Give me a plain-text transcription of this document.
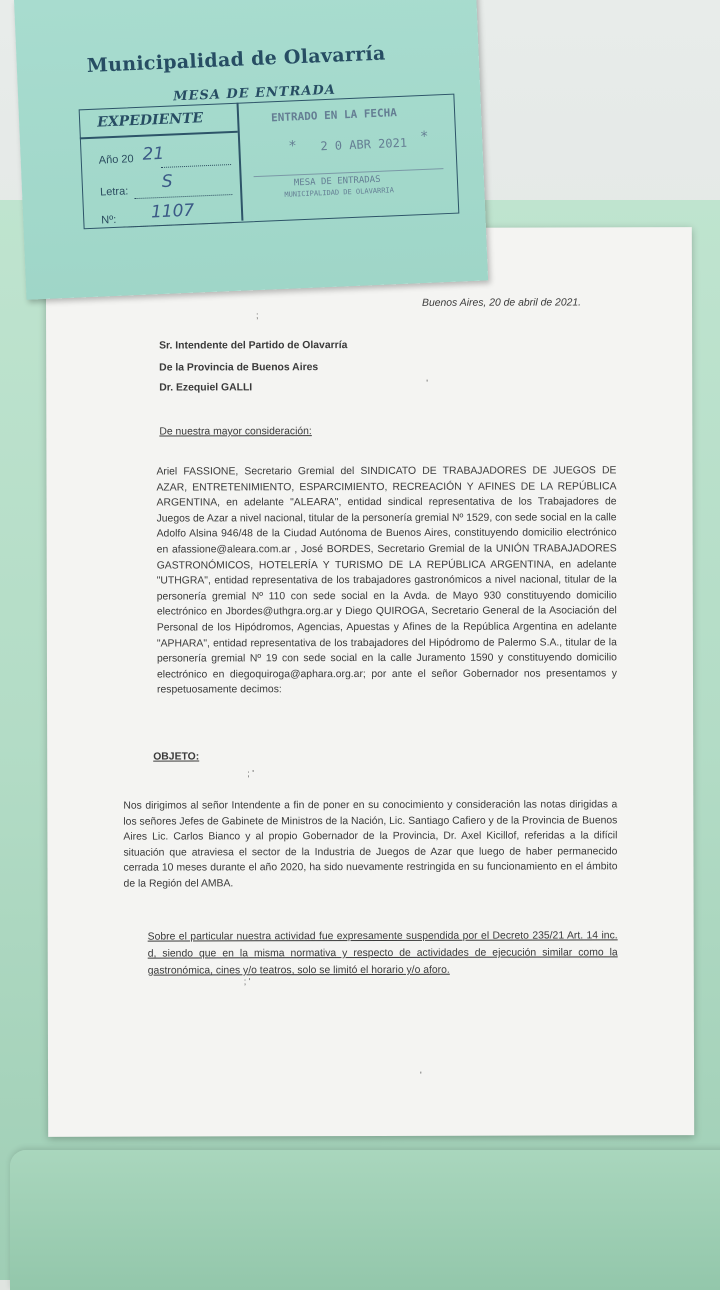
Buenos Aires, 20 de abril de 2021.
Sr. Intendente del Partido de Olavarría
De la Provincia de Buenos Aires
Dr. Ezequiel GALLI
De nuestra mayor consideración:
Ariel FASSIONE, Secretario Gremial del SINDICATO DE TRABAJADORES DE JUEGOS DE AZAR, ENTRETENIMIENTO, ESPARCIMIENTO, RECREACIÓN Y AFINES DE LA REPÚBLICA ARGENTINA, en adelante "ALEARA", entidad sindical representativa de los Trabajadores de Juegos de Azar a nivel nacional, titular de la personería gremial Nº 1529, con sede social en la calle Adolfo Alsina 946/48 de la Ciudad Autónoma de Buenos Aires, constituyendo domicilio electrónico en afassione@aleara.com.ar , José BORDES, Secretario Gremial de la UNIÓN TRABAJADORES GASTRONÓMICOS, HOTELERÍA Y TURISMO DE LA REPÚBLICA ARGENTINA, en adelante "UTHGRA", entidad representativa de los trabajadores gastronómicos a nivel nacional, titular de la personería gremial Nº 110 con sede social en la Avda. de Mayo 930 constituyendo domicilio electrónico en Jbordes@uthgra.org.ar y Diego QUIROGA, Secretario General de la Asociación del Personal de los Hipódromos, Agencias, Apuestas y Afines de la República Argentina en adelante "APHARA", entidad representativa de los trabajadores del Hipódromo de Palermo S.A., titular de la personería gremial Nº 19 con sede social en la calle Juramento 1590 y constituyendo domicilio electrónico en diegoquiroga@aphara.org.ar; por ante el señor Gobernador nos presentamos y respetuosamente decimos:
OBJETO:
Nos dirigimos al señor Intendente a fin de poner en su conocimiento y consideración las notas dirigidas a los señores Jefes de Gabinete de Ministros de la Nación, Lic. Santiago Cafiero y de la Provincia de Buenos Aires Lic. Carlos Bianco y al propio Gobernador de la Provincia, Dr. Axel Kicillof, referidas a la difícil situación que atraviesa el sector de la Industria de Juegos de Azar que luego de haber permanecido cerrada 10 meses durante el año 2020, ha sido nuevamente restringida en su funcionamiento en el ámbito de la Región del AMBA.
Sobre el particular nuestra actividad fue expresamente suspendida por el Decreto 235/21 Art. 14 inc. d, siendo que en la misma normativa y respecto de actividades de ejecución similar como la gastronómica, cines y/o teatros, solo se limitó el horario y/o aforo.
;
; '
; '
'
'
Municipalidad de Olavarría
MESA DE ENTRADA
EXPEDIENTE
Año 20 21
Letra:
S
Nº: 1107
ENTRADO EN LA FECHA
2 0 ABR 2021
*
*
MESA DE ENTRADAS
MUNICIPALIDAD DE OLAVARRIA
